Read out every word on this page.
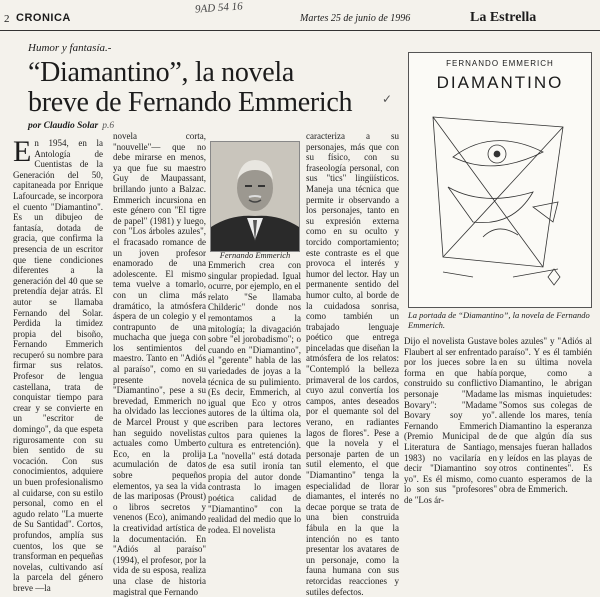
2 CRONICA
9AD 54 16
Martes 25 de junio de 1996	La Estrella
Humor y fantasía.-
“Diamantino”, la novela
breve de Fernando Emmerich	✓
por Claudio Solar p.6
En 1954, en la Antología de Cuentistas de la Generación del 50, capitaneada por Enrique Lafourcade, se incorpora el cuento "Diamantino". Es un dibujeo de fantasía, dotada de gracia, que confirma la presencia de un escritor que tiene condiciones diferentes a la generación del 40 que se pretendía dejar atrás. El autor se llamaba Fernando del Solar. Perdida la timidez propia del bisoño, Fernando Emmerich recuperó su nombre para firmar sus relatos. Profesor de lengua castellana, trata de conquistar tiempo para crear y se convierte en un "escritor de domingo", da que espeta rigurosamente con su bien sentido de su vocación. Con sus conocimientos, adquiere un buen profesionalismo al cuidarse, con su estilo personal, como en el agudo relato "La muerte de Su Santidad". Cortos, profundos, amplía sus cuentos, los que se transforman en pequeñas novelas, cultivando así la parcela del género breve —la
novela corta, "nouvelle"— que no debe mirarse en menos, ya que fue su maestro Guy de Maupassant, brillando junto a Balzac. Emmerich incursiona en este género con "El tigre de papel" (1981) y luego, con "Los árboles azules", el fracasado romance de un joven profesor enamorado de una adolescente. El mismo tema vuelve a tomarlo, con un clima más dramático, la atmósfera áspera de un colegio y el contrapunto de una muchacha que juega con los sentimientos del maestro. Tanto en "Adiós al paraíso", como en su presente novela "Diamantino", pese a su brevedad, Emmerich no ha olvidado las lecciones de Marcel Proust y que han seguido novelistas actuales como Umberto Eco, en la prolija acumulación de datos sobre pequeños elementos, ya sea la vida de las mariposas (Proust) o libros secretos y venenos (Eco), animando la creatividad artística de la documentación. En "Adiós al paraíso" (1994), el profesor, por la vida de su esposa, realiza una clase de historia magistral que Fernando
Fernando Emmerich
Emmerich crea con singular propiedad. Igual ocurre, por ejemplo, en el relato "Se llamaba Childeric" donde nos remontamos a la mitología; la divagación sobre "el jorobadismo"; o cuando en "Diamantino", el "gerente" habla de las variedades de joyas a la técnica de su pulimiento. (Es decir, Emmerich, al igual que Eco y otros autores de la última ola, escriben para lectores cultos para quienes la cultura es entretención). La "novella" está dotada de esa sutil ironía tan propia del autor donde contrasta lo imagen poética calidad de "Diamantino" con la realidad del medio que lo rodea. El novelista
caracteriza a su personajes, más que con su físico, con su fraseología personal, con sus "tics" lingüísticos. Maneja una técnica que permite ir observando a los personajes, tanto en su expresión externa como en su oculto y torcido comportamiento; este contraste es el que provoca el interés y humor del lector. Hay un permanente sentido del humor culto, al borde de la cuidadosa sonrisa, como también un trabajado lenguaje poético que entrega pinceladas que diseñan la atmósfera de los relatos: "Contempló la belleza primaveral de los cardos, cuyo azul convertía los campos, antes deseados por el quemante sol del verano, en radiantes lagos de flores". Pese a que la novela y el personaje parten de un sutil elemento, el que "Diamantino" tenga la especialidad de llorar diamantes, el interés no decae porque se trata de una bien construida fábula en la que la intención no es tanto presentar los avatares de un personaje, como la fauna humana con sus retorcidas reacciones y sutiles defectos.
FERNANDO EMMERICH
DIAMANTINO
La portada de “Diamantino”, la novela de Fernando Emmerich.
Dijo el novelista Gustave Flaubert al ser enfrentado por los jueces sobre la forma en que había construido su conflictivo personaje "Madame Bovary": "Madame Bovary soy yo". Fernando Emmerich (Premio Municipal de Literatura de Santiago, 1983) no vacilaría en decir "Diamantino soy yo". Es él mismo, como lo son sus "profesores" de "Los ár-
boles azules" y "Adiós al paraíso". Y es él también en su última novela porque, como a Diamantino, le abrigan las mismas inquietudes: "Somos sus colegas de allende los mares, tenía Diamantino la esperanza de que algún día sus mensajes fueran hallados y leídos en las playas de otros continentes". Es cuanto esperamos de la obra de Emmerich.
